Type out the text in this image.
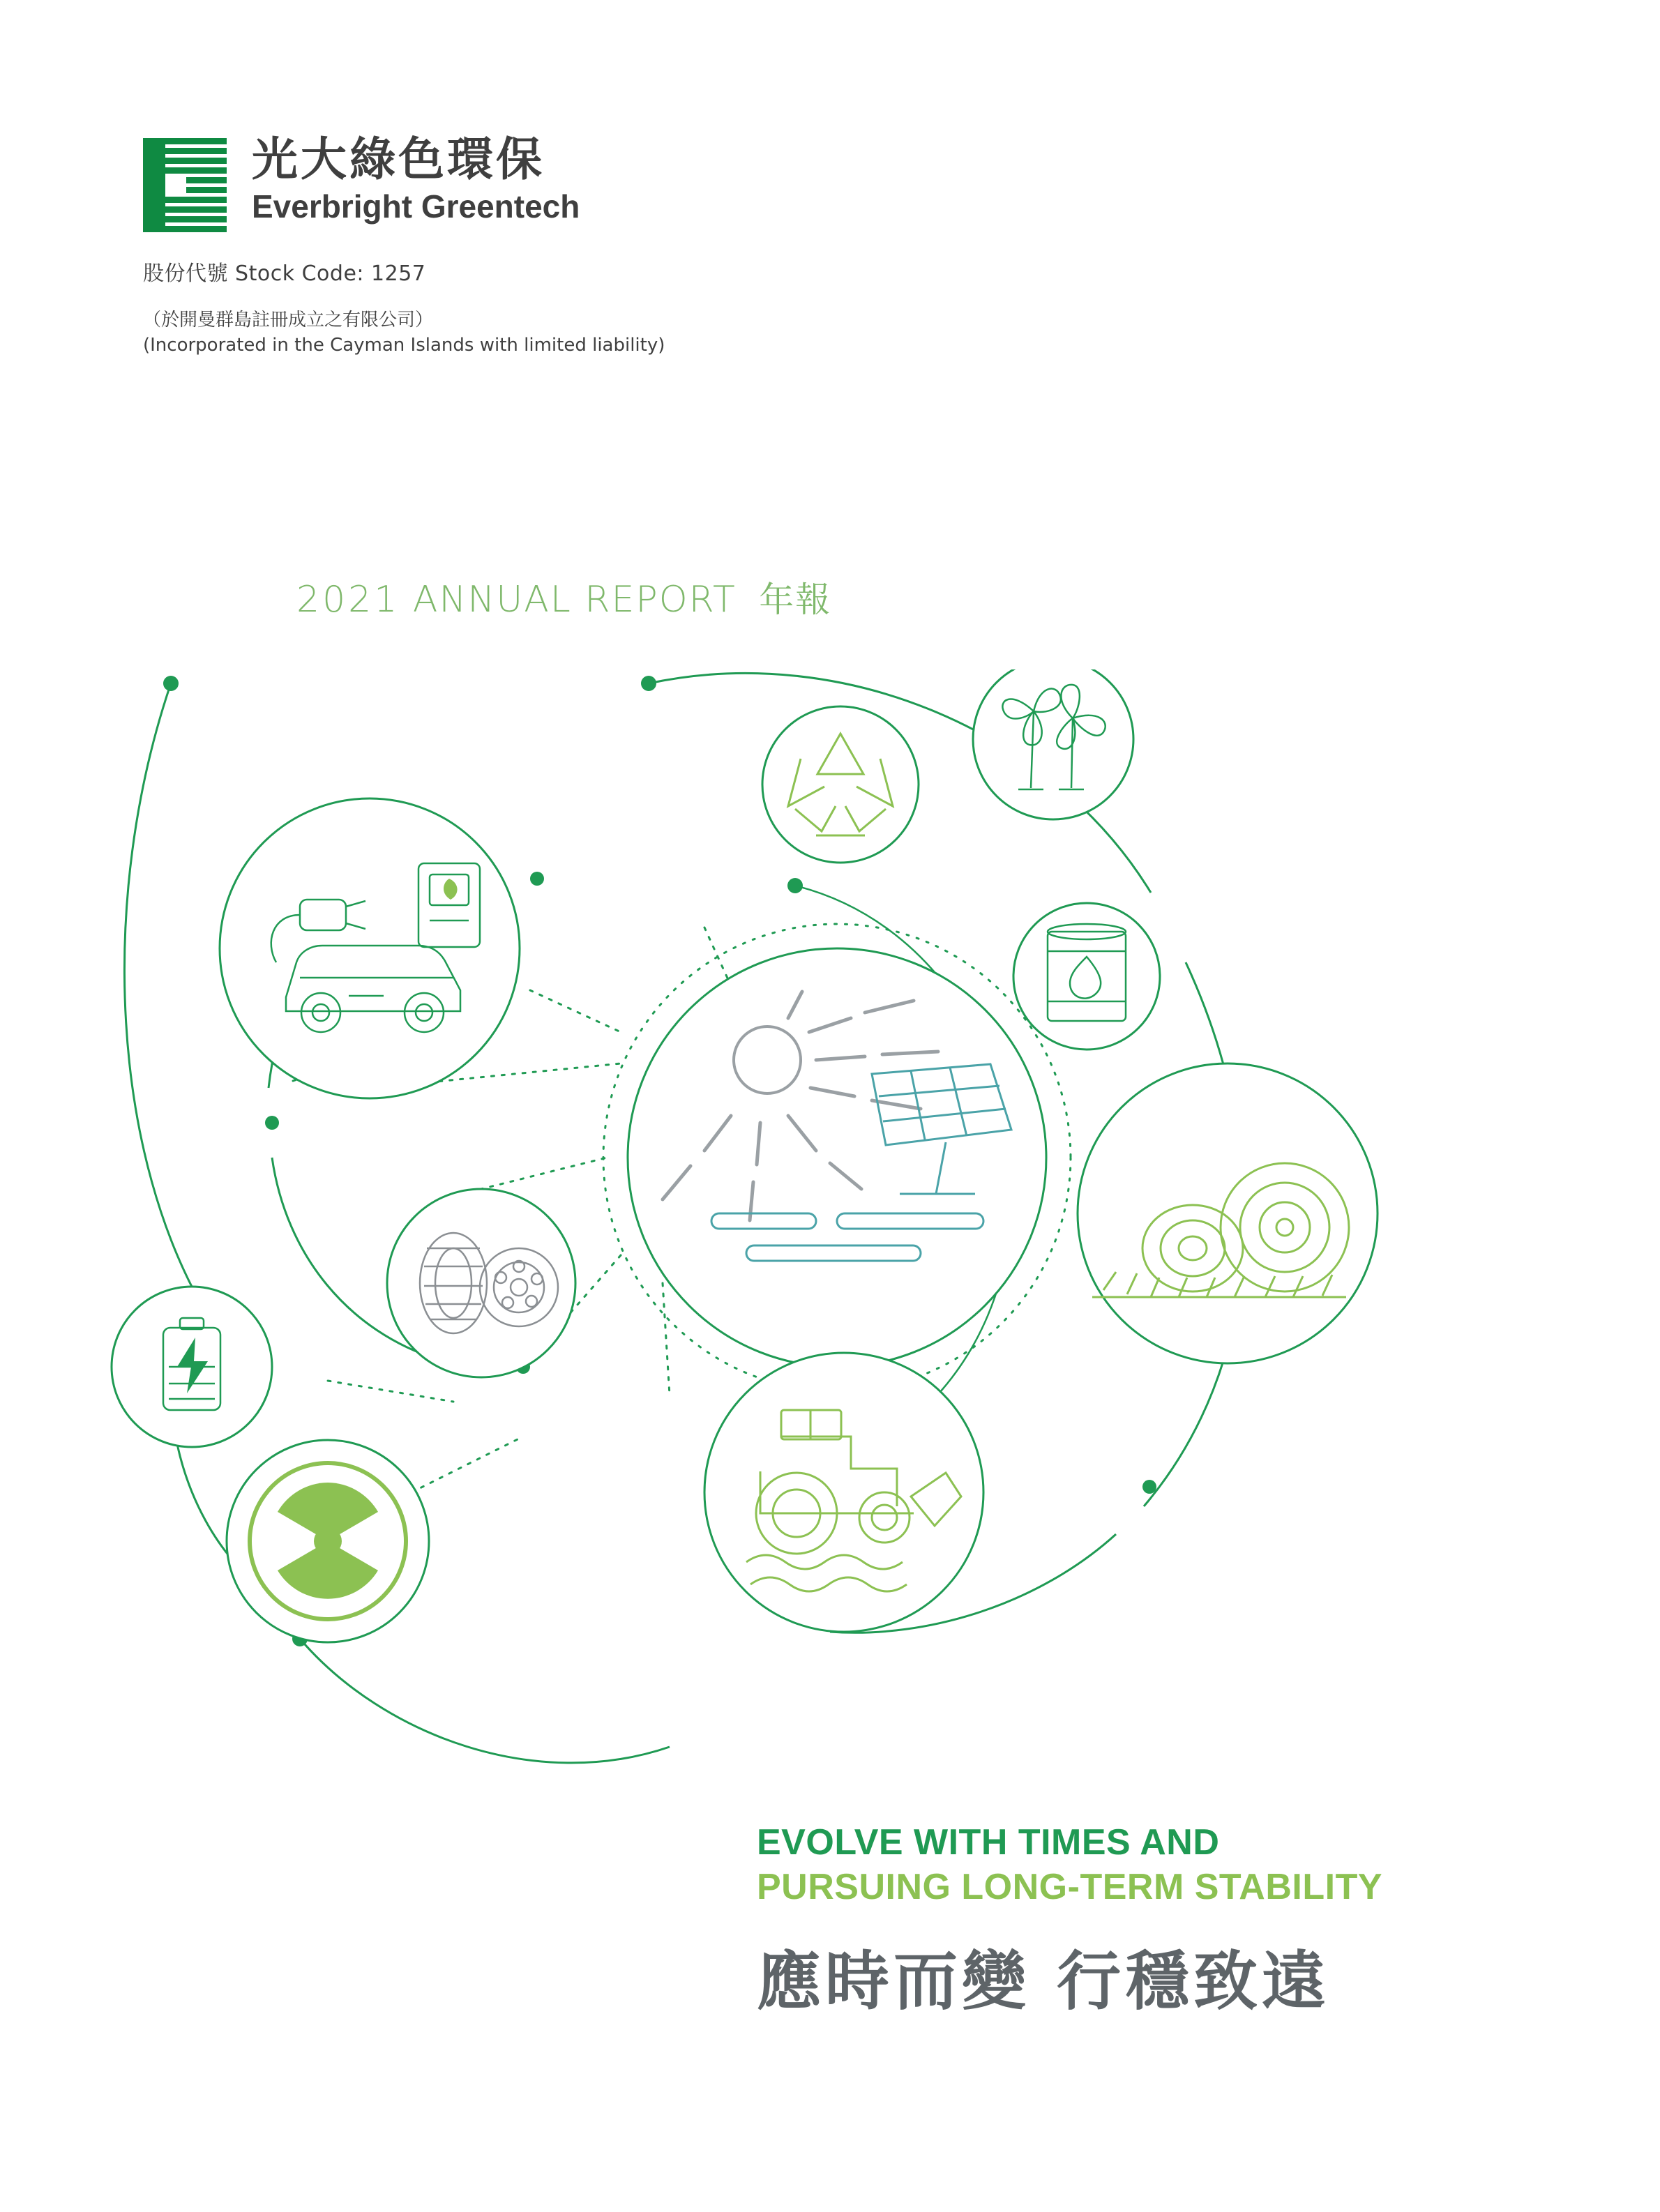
光大綠色環保
Everbright Greentech
股份代號 Stock Code: 1257
（於開曼群島註冊成立之有限公司）
(Incorporated in the Cayman Islands with limited liability)
2021 ANNUAL REPORT 年報
EVOLVE WITH TIMES AND
PURSUING LONG-TERM STABILITY
應時而變 行穩致遠
